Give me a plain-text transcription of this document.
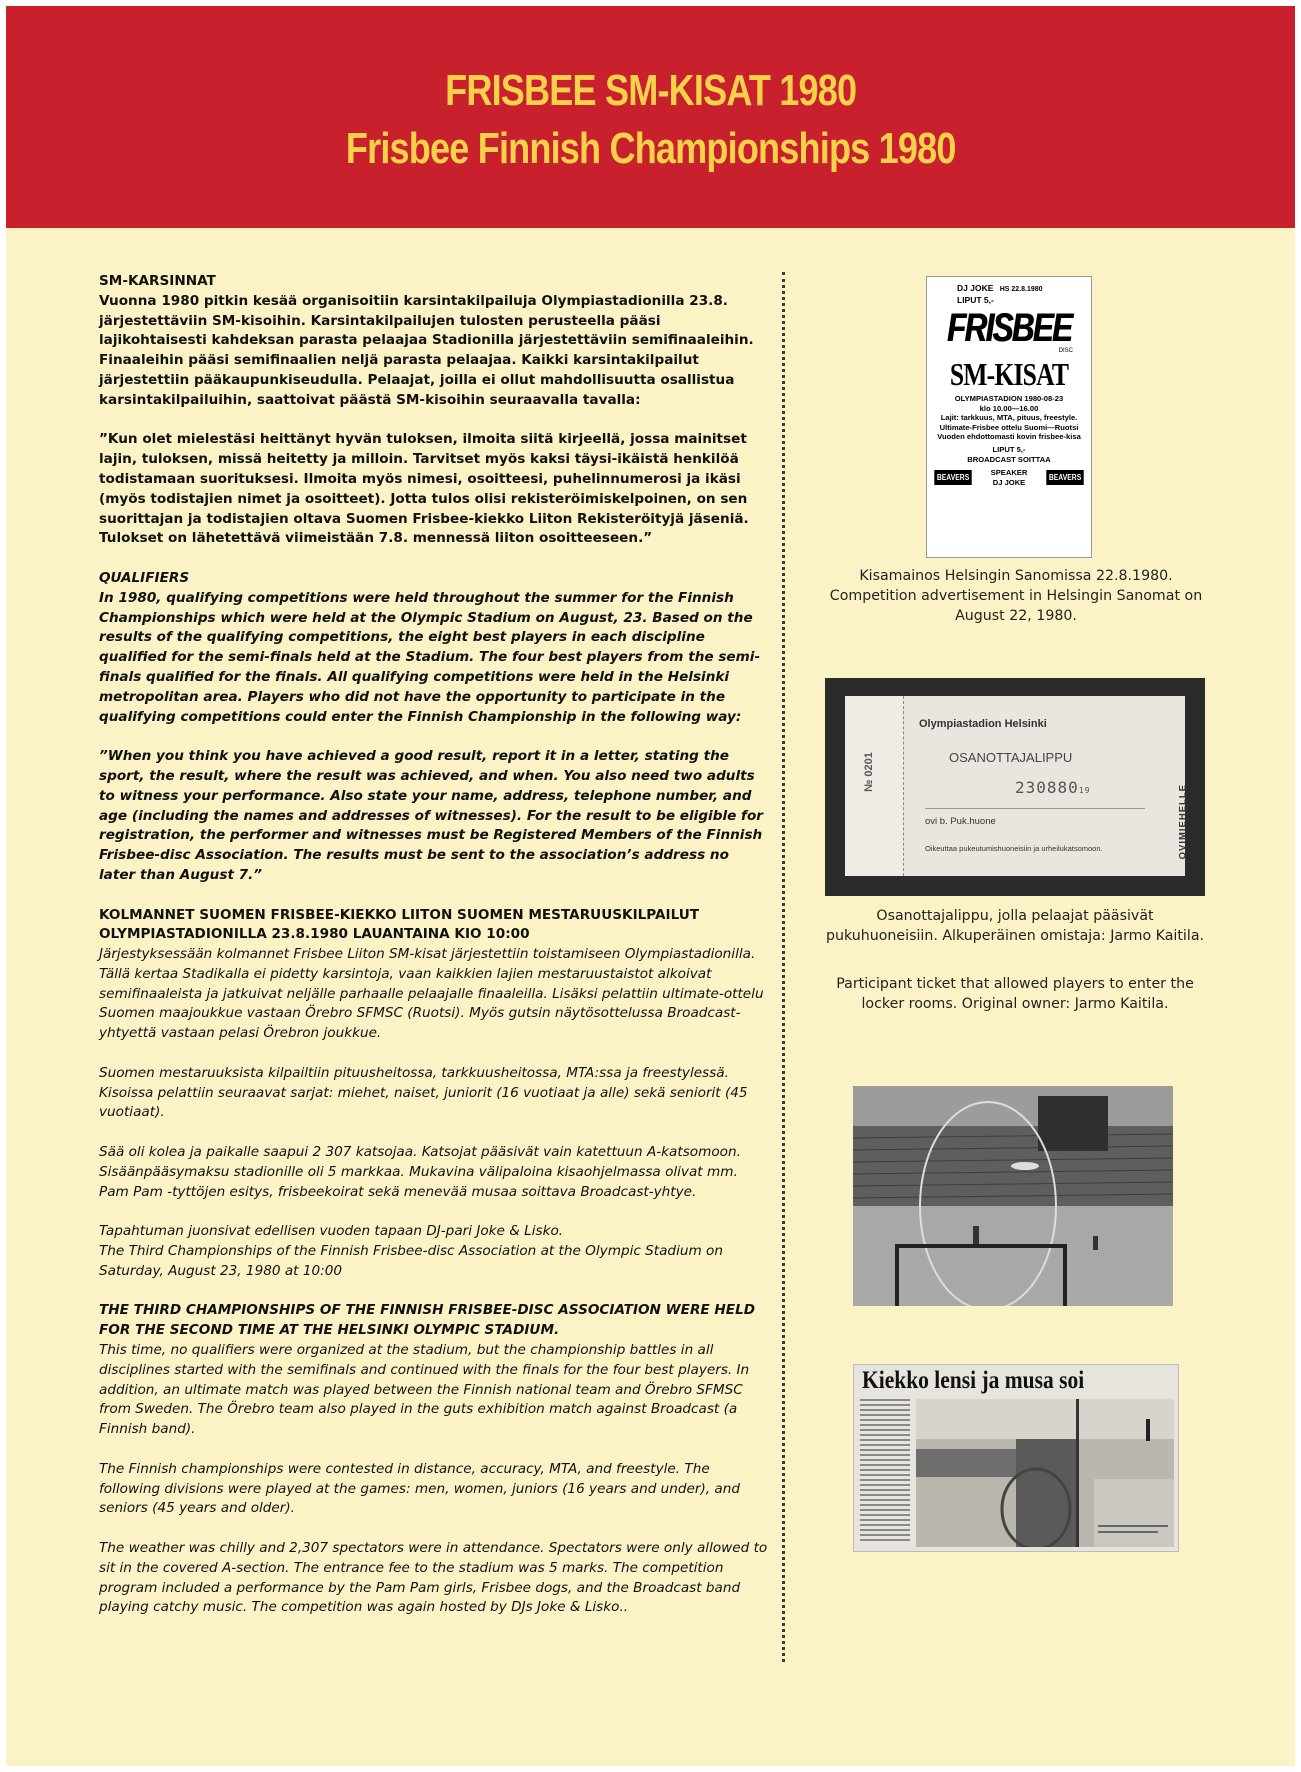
FRISBEE SM-KISAT 1980
Frisbee Finnish Championships 1980

SM-KARSINNAT
Vuonna 1980 pitkin kesää organisoitiin karsintakilpailuja Olympiastadionilla 23.8. järjestettäviin SM-kisoihin. Karsintakilpailujen tulosten perusteella pääsi lajikohtaisesti kahdeksan parasta pelaajaa Stadionilla järjestettäviin semifinaaleihin. Finaaleihin pääsi semifinaalien neljä parasta pelaajaa. Kaikki karsintakilpailut järjestettiin pääkaupunkiseudulla. Pelaajat, joilla ei ollut mahdollisuutta osallistua karsintakilpailuihin, saattoivat päästä SM-kisoihin seuraavalla tavalla:

”Kun olet mielestäsi heittänyt hyvän tuloksen, ilmoita siitä kirjeellä, jossa mainitset lajin, tuloksen, missä heitetty ja milloin. Tarvitset myös kaksi täysi-ikäistä henkilöä todistamaan suorituksesi. Ilmoita myös nimesi, osoitteesi, puhelinnumerosi ja ikäsi (myös todistajien nimet ja osoitteet). Jotta tulos olisi rekisteröimiskelpoinen, on sen suorittajan ja todistajien oltava Suomen Frisbee-kiekko Liiton Rekisteröityjä jäseniä. Tulokset on lähetettävä viimeistään 7.8. mennessä liiton osoitteeseen.”

QUALIFIERS
In 1980, qualifying competitions were held throughout the summer for the Finnish Championships which were held at the Olympic Stadium on August, 23. Based on the results of the qualifying competitions, the eight best players in each discipline qualified for the semi-finals held at the Stadium. The four best players from the semi-finals qualified for the finals. All qualifying competitions were held in the Helsinki metropolitan area. Players who did not have the opportunity to participate in the qualifying competitions could enter the Finnish Championship in the following way:

”When you think you have achieved a good result, report it in a letter, stating the sport, the result, where the result was achieved, and when. You also need two adults to witness your performance. Also state your name, address, telephone number, and age (including the names and addresses of witnesses). For the result to be eligible for registration, the performer and witnesses must be Registered Members of the Finnish Frisbee-disc Association. The results must be sent to the association’s address no later than August 7.”

KOLMANNET SUOMEN FRISBEE-KIEKKO LIITON SUOMEN MESTARUUSKILPAILUT OLYMPIASTADIONILLA 23.8.1980 LAUANTAINA KIO 10:00
Järjestyksessään kolmannet Frisbee Liiton SM-kisat järjestettiin toistamiseen Olympiastadionilla. Tällä kertaa Stadikalla ei pidetty karsintoja, vaan kaikkien lajien mestaruustaistot alkoivat semifinaaleista ja jatkuivat neljälle parhaalle pelaajalle finaaleilla. Lisäksi pelattiin ultimate-ottelu Suomen maajoukkue vastaan Örebro SFMSC (Ruotsi). Myös gutsin näytösottelussa Broadcast-yhtyettä vastaan pelasi Örebron joukkue.

Suomen mestaruuksista kilpailtiin pituusheitossa, tarkkuusheitossa, MTA:ssa ja freestylessä. Kisoissa pelattiin seuraavat sarjat: miehet, naiset, juniorit (16 vuotiaat ja alle) sekä seniorit (45 vuotiaat).

Sää oli kolea ja paikalle saapui 2 307 katsojaa. Katsojat pääsivät vain katettuun A-katsomoon. Sisäänpääsymaksu stadionille oli 5 markkaa. Mukavina välipaloina kisaohjelmassa olivat mm. Pam Pam -tyttöjen esitys, frisbeekoirat sekä menevää musaa soittava Broadcast-yhtye.

Tapahtuman juonsivat edellisen vuoden tapaan DJ-pari Joke & Lisko.
The Third Championships of the Finnish Frisbee-disc Association at the Olympic Stadium on Saturday, August 23, 1980 at 10:00

THE THIRD CHAMPIONSHIPS OF THE FINNISH FRISBEE-DISC ASSOCIATION WERE HELD FOR THE SECOND TIME AT THE HELSINKI OLYMPIC STADIUM.
This time, no qualifiers were organized at the stadium, but the championship battles in all disciplines started with the semifinals and continued with the finals for the four best players. In addition, an ultimate match was played between the Finnish national team and Örebro SFMSC from Sweden. The Örebro team also played in the guts exhibition match against Broadcast (a Finnish band).

The Finnish championships were contested in distance, accuracy, MTA, and freestyle. The following divisions were played at the games: men, women, juniors (16 years and under), and seniors (45 years and older).

The weather was chilly and 2,307 spectators were in attendance. Spectators were only allowed to sit in the covered A-section. The entrance fee to the stadium was 5 marks. The competition program included a performance by the Pam Pam girls, Frisbee dogs, and the Broadcast band playing catchy music. The competition was again hosted by DJs Joke & Lisko..

DJ JOKE HS 22.8.1980
LIPUT 5,-
FRISBEE
DISC
SM-KISAT
OLYMPIASTADION 1980-08-23
klo 10.00—16.00
Lajit: tarkkuus, MTA, pituus, freestyle.
Ultimate-Frisbee ottelu Suomi—Ruotsi
Vuoden ehdottomasti kovin frisbee-kisa
LIPUT 5,-
BROADCAST SOITTAA
BEAVERS
SPEAKER
DJ JOKE	BEAVERS
Kisamainos Helsingin Sanomissa 22.8.1980. Competition advertisement in Helsingin Sanomat on August 22, 1980.
№ 0201
Olympiastadion Helsinki
OSANOTTAJALIPPU
23088019
ovi b. Puk.huone
Oikeuttaa pukeutumishuoneisiin ja urheilukatsomoon.	OVIMIEHELLE
Osanottajalippu, jolla pelaajat pääsivät pukuhuoneisiin. Alkuperäinen omistaja: Jarmo Kaitila.
Participant ticket that allowed players to enter the locker rooms. Original owner: Jarmo Kaitila.
Kiekko lensi ja musa soi
